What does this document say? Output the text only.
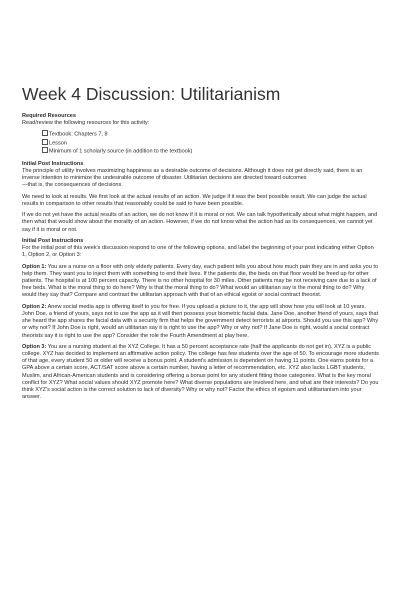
Week 4 Discussion: Utilitarianism

Required Resources

Read/review the following resources for this activity:

Textbook: Chapters 7, 8
Lesson
Minimum of 1 scholarly source (in addition to the textbook)

Initial Post Instructions

The principle of utility involves maximizing happiness as a desirable outcome of decisions. Although it does not get directly said, there is an inverse intention to minimize the undesirable outcome of disaster. Utilitarian decisions are directed toward outcomes

—that is, the consequences of decisions.

We need to look at results. We first look at the actual results of an action. We judge if it was the best possible result. We can judge the actual results in comparison to other results that reasonably could be said to have been possible.

If we do not yet have the actual results of an action, we do not know if it is moral or not. We can talk hypothetically about what might happen, and then what that would show about the morality of an action. However, if we do not know what the action had as its consequences, we cannot yet say if it is moral or not.

Initial Post Instructions

For the initial post of this week's discussion respond to one of the following options, and label the beginning of your post indicating either Option 1, Option 2, or Option 3:

Option 1: You are a nurse on a floor with only elderly patients. Every day, each patient tells you about how much pain they are in and asks you to help them. They want you to inject them with something to end their lives. If the patients die, the beds on that floor would be freed up for other patients. The hospital is at 100 percent capacity. There is no other hospital for 30 miles. Other patients may be not receiving care due to a lack of free beds. What is the moral thing to do here? Why is that the moral thing to do? What would an utilitarian say is the moral thing to do? Why would they say that? Compare and contrast the utilitarian approach with that of an ethical egoist or social contract theorist.

Option 2: Anew social media app is offering itself to you for free. If you upload a picture to it, the app will show how you will look at 10 years. John Doe, a friend of yours, says not to use the app as it will then possess your biometric facial data. Jane Doe, another friend of yours, says that she heard the app shares the facial data with a security firm that helps the government detect terrorists at airports. Should you use this app? Why or why not? If John Doe is right, would an utilitarian say it is right to use the app? Why or why not? If Jane Doe is right, would a social contract theorists say it is right to use the app? Consider the role the Fourth Amendment at play here.

Option 3: You are a nursing student at the XYZ College. It has a 50 percent acceptance rate (half the applicants do not get in). XYZ is a public college. XYZ has decided to implement an affirmative action policy. The college has few students over the age of 50. To encourage more students of that age, every student 50 or older will receive a bonus point. A student's admission is dependent on having 11 points. One earns points for a GPA above a certain score, ACT/SAT score above a certain number, having a letter of recommendation, etc. XYZ also lacks LGBT students, Muslim, and African-American students and is considering offering a bonus point for any student fitting those categories. What is the key moral conflict for XYZ? What social values should XYZ promote here? What diverse populations are involved here, and what are their interests? Do you think XYZ's social action is the correct solution to lack of diversity? Why or why not? Factor the ethics of egoism and utilitarianism into your answer.
